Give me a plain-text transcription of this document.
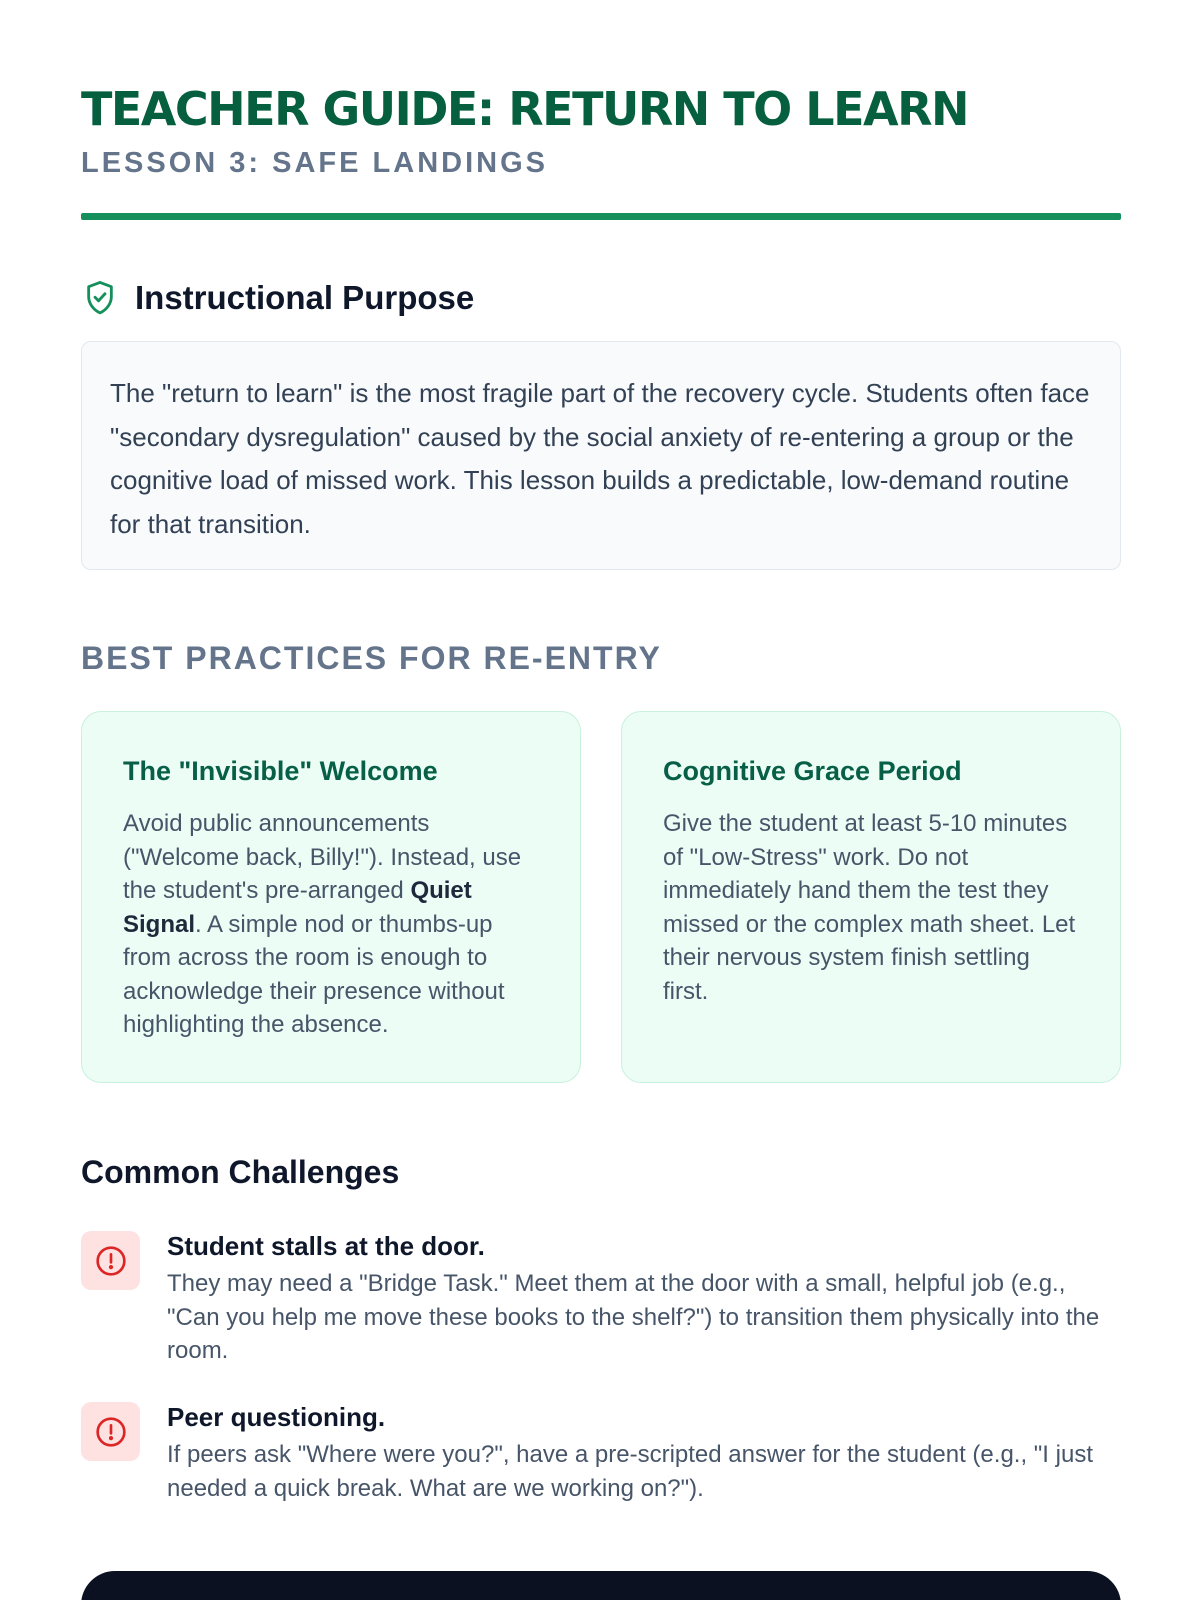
TEACHER GUIDE: RETURN TO LEARN
LESSON 3: SAFE LANDINGS
Instructional Purpose

The "return to learn" is the most fragile part of the recovery cycle. Students often face "secondary dysregulation" caused by the social anxiety of re-entering a group or the cognitive load of missed work. This lesson builds a predictable, low-demand routine for that transition.

BEST PRACTICES FOR RE-ENTRY
The "Invisible" Welcome

Avoid public announcements ("Welcome back, Billy!"). Instead, use the student's pre-arranged Quiet Signal. A simple nod or thumbs-up from across the room is enough to acknowledge their presence without highlighting the absence.

Cognitive Grace Period

Give the student at least 5-10 minutes of "Low-Stress" work. Do not immediately hand them the test they missed or the complex math sheet. Let their nervous system finish settling first.

Common Challenges
Student stalls at the door.

They may need a "Bridge Task." Meet them at the door with a small, helpful job (e.g., "Can you help me move these books to the shelf?") to transition them physically into the room.

Peer questioning.

If peers ask "Where were you?", have a pre-scripted answer for the student (e.g., "I just needed a quick break. What are we working on?").
